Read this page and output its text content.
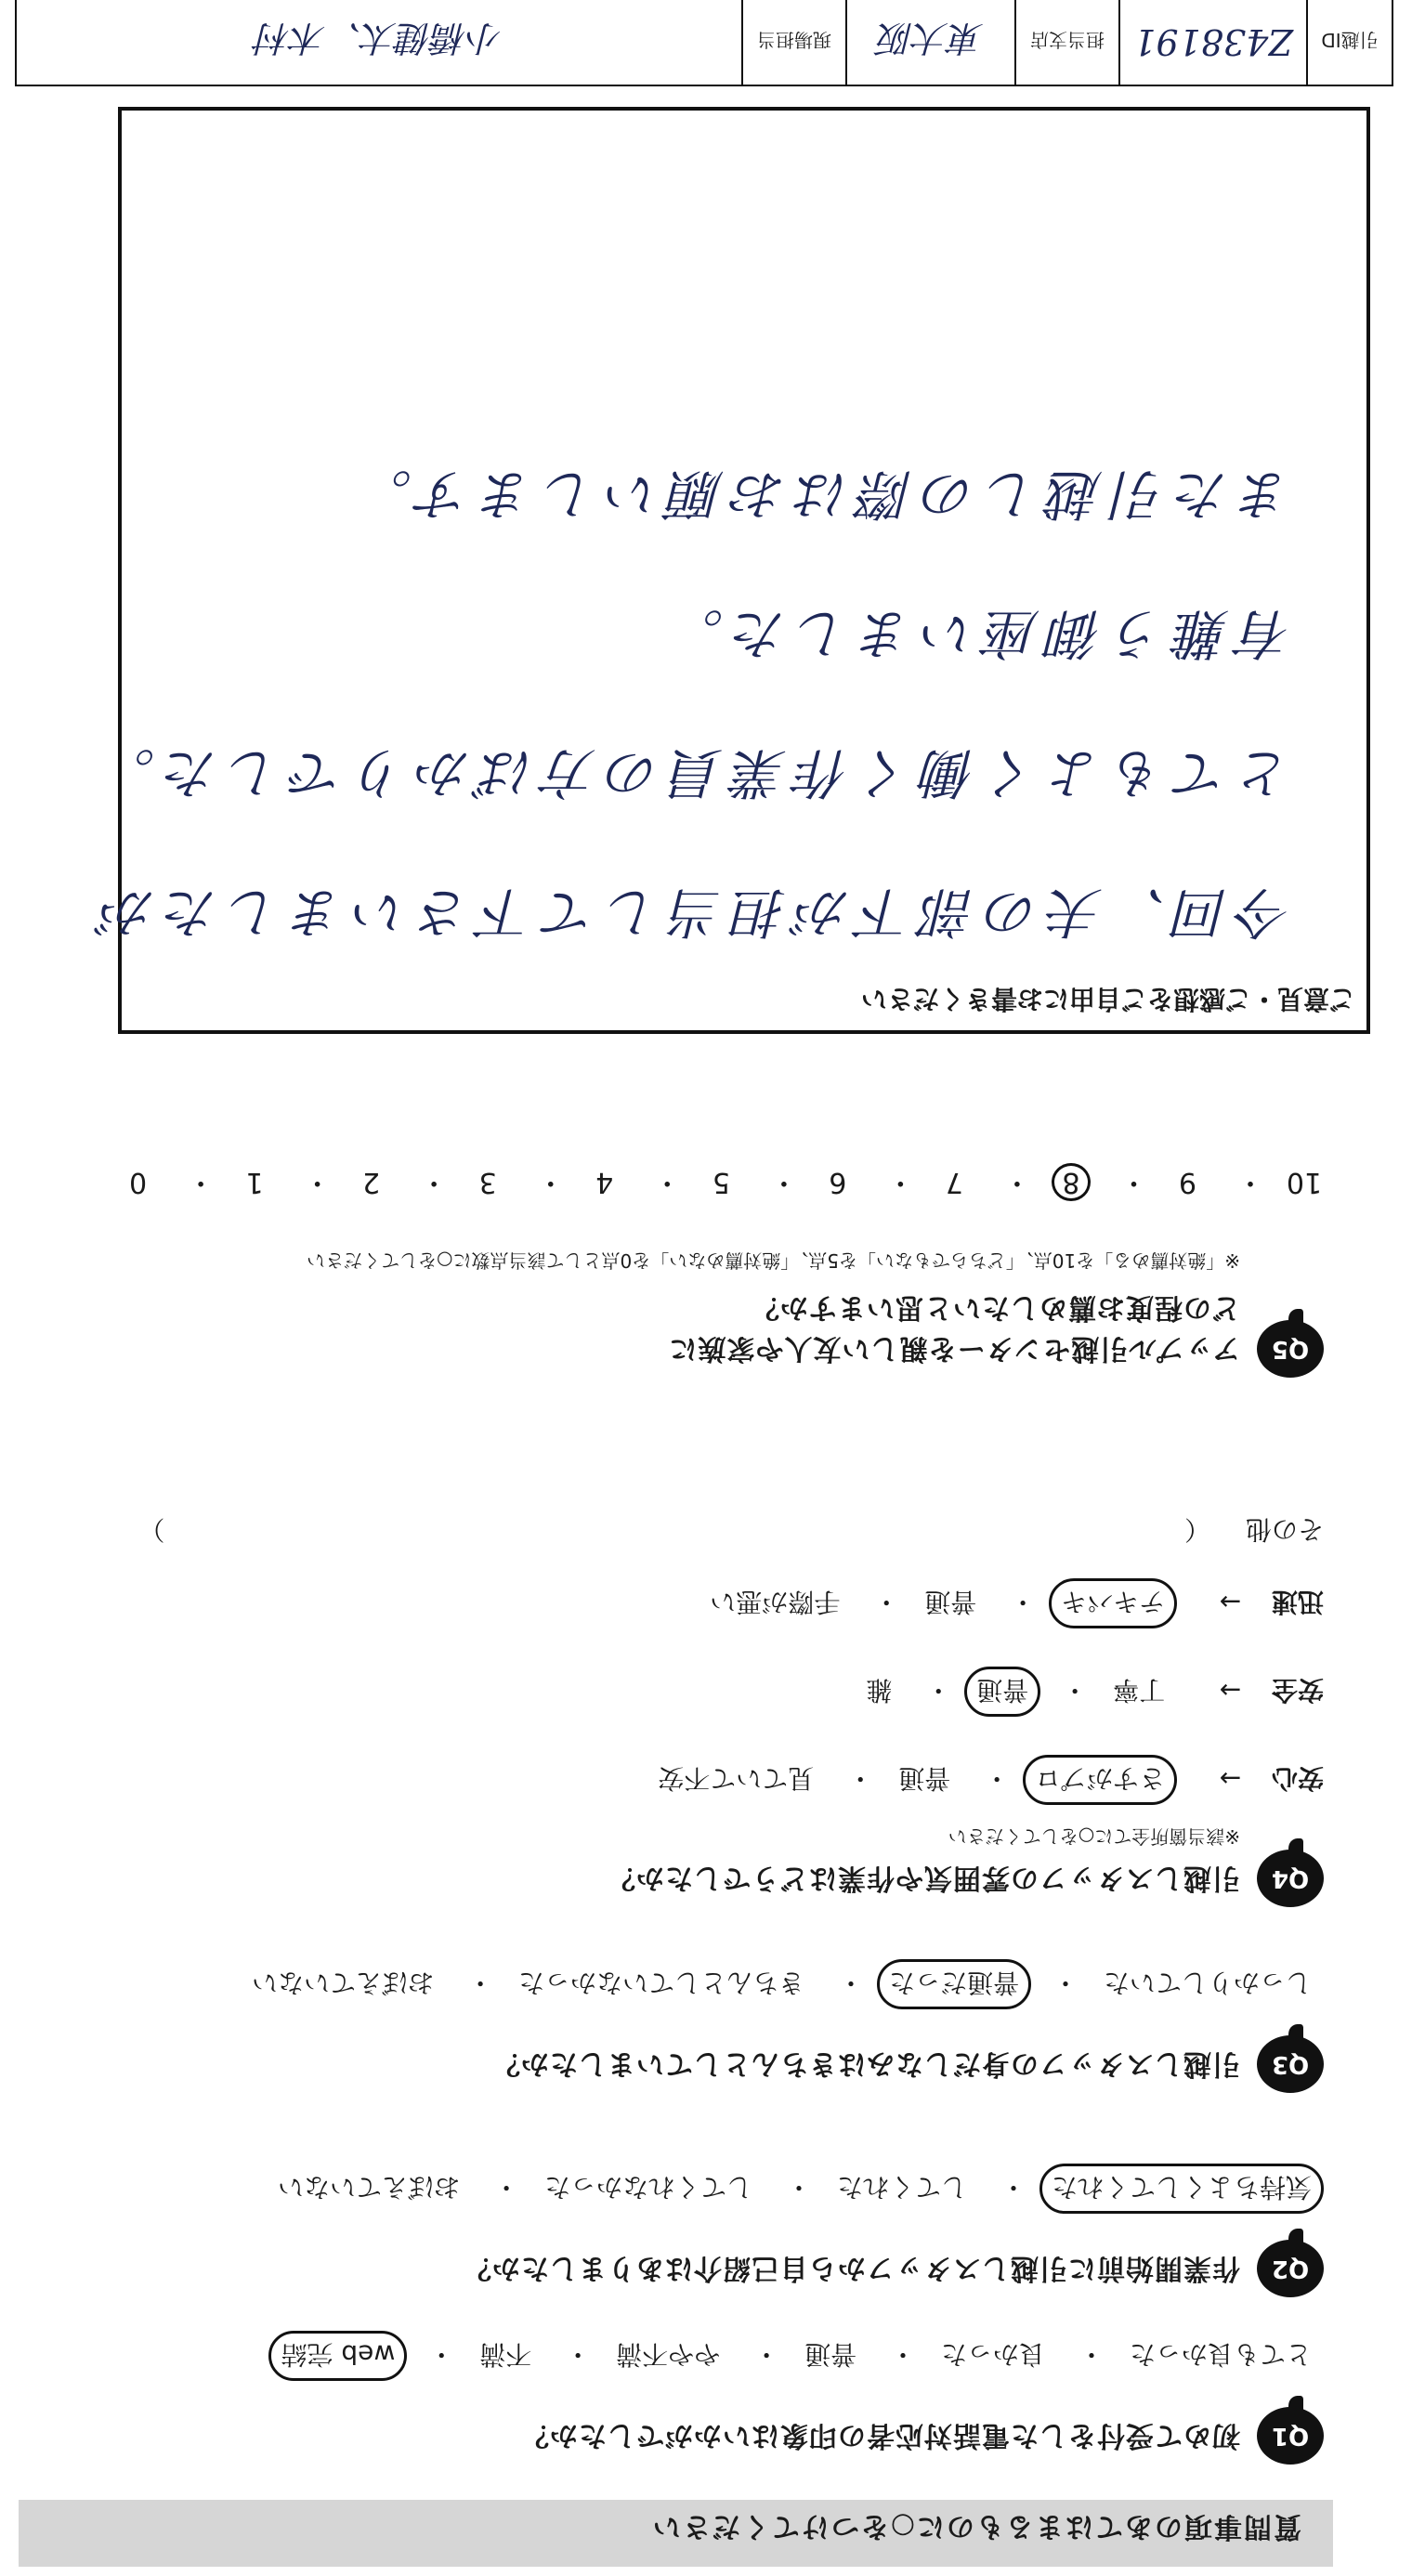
質問事項のあてはまるものに○をつけてください
Q1
初めて受付をした電話対応者の印象はいかがでしたか？
とても良かった・ 良かった・ 普通・ やや不満・ 不満・ web 完結
Q2
作業開始前に引越しスタッフから自己紹介はありましたか？
気持ちよくしてくれた・ してくれた・ してくれなかった・ おぼえていない
Q3
引越しスタッフの身だしなみはきちんとしていましたか？
しっかりしていた・ 普通だった・ きちんとしていなかった・ おぼえていない
Q4
引越しスタッフの雰囲気や作業はどうでしたか？
※該当箇所全てに○をしてください
安心 → さすがプロ・ 普通・ 見ていて不安
安全 → 丁寧・ 普通・ 雑
迅速 → テキパキ・ 普通・ 手際が悪い
その他  （  ）
Q5
アップル引越センターを親しい友人や家族に
どの程度お薦めしたいと思いますか？
※「絶対薦める」を10点、「どちらでもない」を5点、「絶対薦めない」を0点として該当点数に○をしてください
10・ 9・ 8・ 7・ 6・ 5・ 4・ 3・ 2・ 1・ 0
ご意見・ご感想をご自由にお書きください
今回、夫の部下が担当して下さいましたが
とてもよく働く作業員の方ばかりでした。
有難う御座いました。
また引越しの際はお願いします。
引越ID
Z438191
担当支店
東大阪
現場担当
小橋健太、木村
